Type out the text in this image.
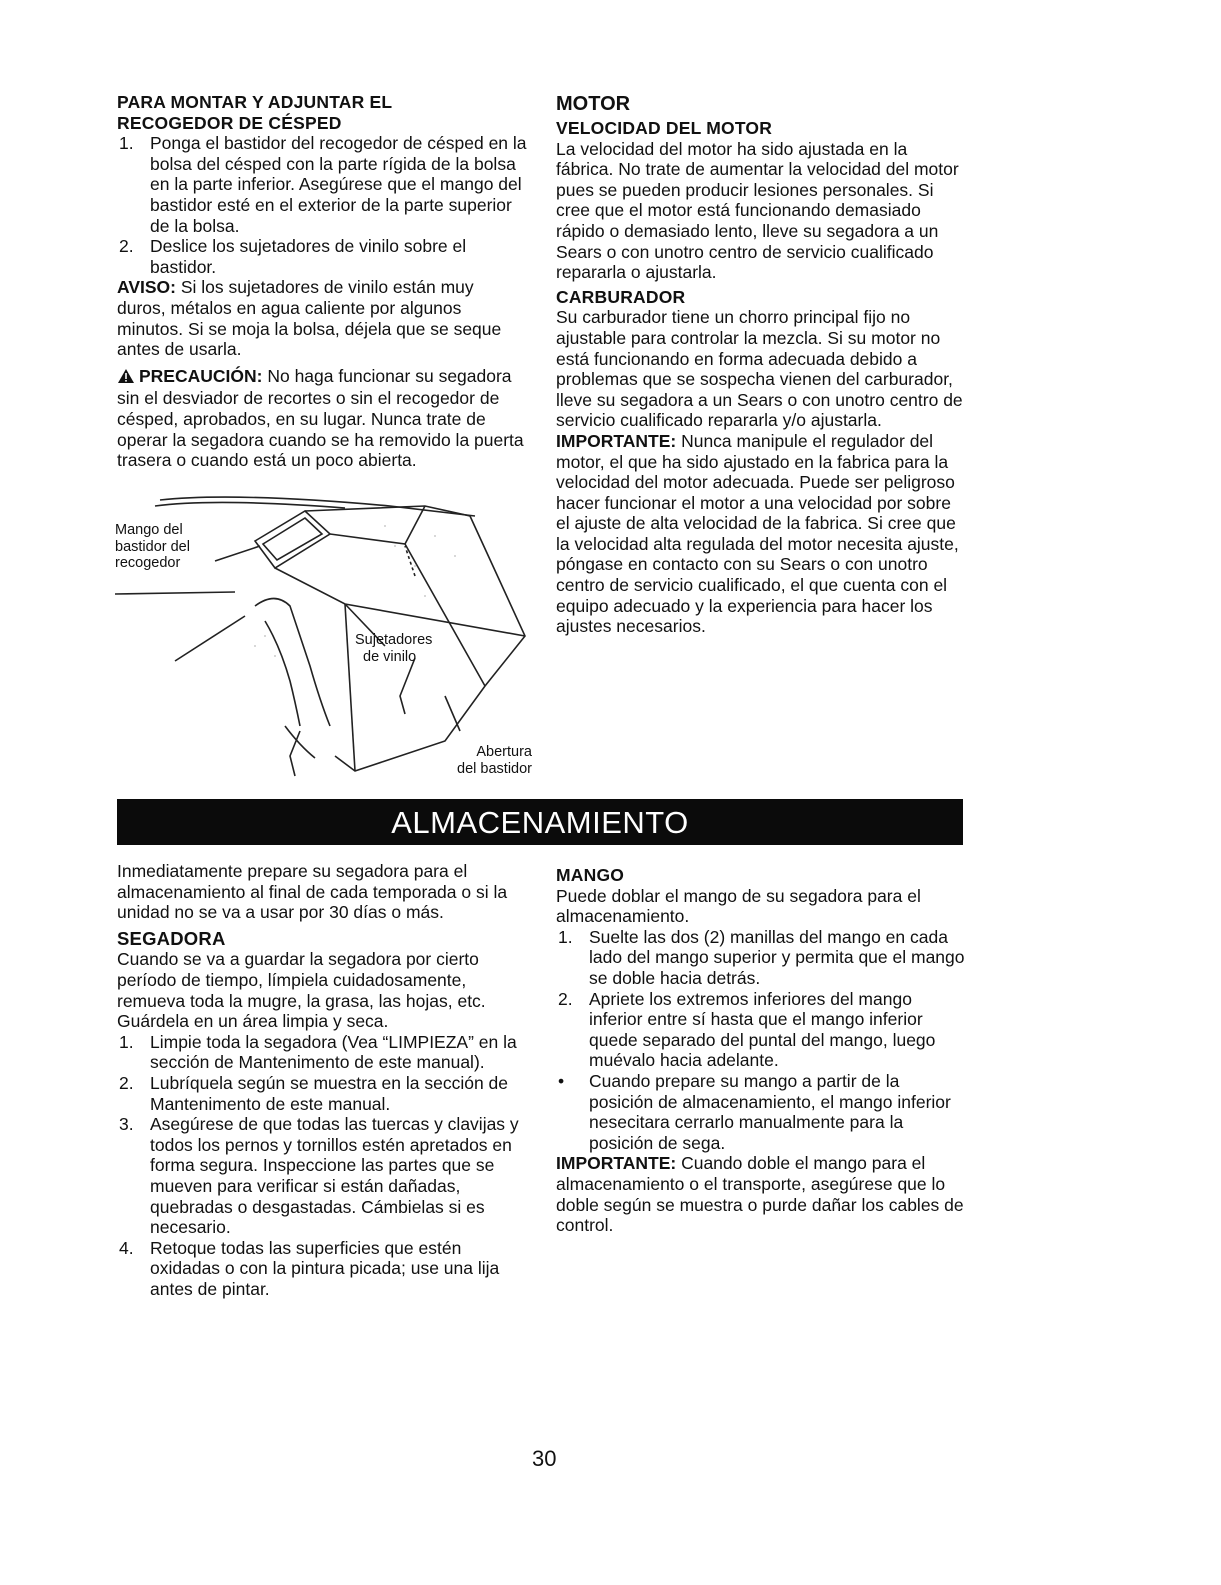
PARA MONTAR Y ADJUNTAR EL

RECOGEDOR DE CÉSPED

1. Ponga el bastidor del recogedor de césped en la bolsa del césped con la parte rígida de la bolsa en la parte inferior. Asegúrese que el mango del bastidor esté en el exterior de la parte superior de la bolsa.
2. Deslice los sujetadores de vinilo sobre el bastidor.

AVISO: Si los sujetadores de vinilo están muy duros, métalos en agua caliente por algunos minutos. Si se moja la bolsa, déjela que se seque antes de usarla.

PRECAUCIÓN: No haga funcionar su segadora sin el desviador de recortes o sin el recogedor de césped, aprobados, en su lugar. Nunca trate de operar la segadora cuando se ha removido la puerta trasera o cuando está un poco abierta.

Mango del
bastidor del
recogedor
Sujetadores
de vinilo
Abertura
del bastidor

MOTOR

VELOCIDAD DEL MOTOR

La velocidad del motor ha sido ajustada en la fábrica. No trate de aumentar la velocidad del motor pues se pueden producir lesiones personales. Si cree que el motor está funcionando demasiado rápido o demasiado lento, lleve su segadora a un Sears o con unotro centro de servicio cualificado repararla o ajustarla.

CARBURADOR

Su carburador tiene un chorro principal fijo no ajustable para controlar la mezcla. Si su motor no está funcionando en forma adecuada debido a problemas que se sospecha vienen del carburador, lleve su segadora a un Sears o con unotro centro de servicio cualificado repararla y/o ajustarla.

IMPORTANTE: Nunca manipule el regulador del motor, el que ha sido ajustado en la fabrica para la velocidad del motor adecuada. Puede ser peligroso hacer funcionar el motor a una velocidad por sobre el ajuste de alta velocidad de la fabrica. Si cree que la velocidad alta regulada del motor necesita ajuste, póngase en contacto con su Sears o con unotro centro de servicio cualificado, el que cuenta con el equipo adecuado y la experiencia para hacer los ajustes necesarios.

ALMACENAMIENTO

Inmediatamente prepare su segadora para el almacenamiento al final de cada temporada o si la unidad no se va a usar por 30 días o más.

SEGADORA

Cuando se va a guardar la segadora por cierto período de tiempo, límpiela cuidadosamente, remueva toda la mugre, la grasa, las hojas, etc. Guárdela en un área limpia y seca.

1. Limpie toda la segadora (Vea “LIMPIEZA” en la sección de Mantenimento de este manual).
2. Lubríquela según se muestra en la sección de Mantenimento de este manual.
3. Asegúrese de que todas las tuercas y clavijas y todos los pernos y tornillos estén apretados en forma segura. Inspeccione las partes que se mueven para verificar si están dañadas, quebradas o desgastadas. Cámbielas si es necesario.
4. Retoque todas las superficies que estén oxidadas o con la pintura picada; use una lija antes de pintar.

MANGO

Puede doblar el mango de su segadora para el almacenamiento.

1. Suelte las dos (2) manillas del mango en cada lado del mango superior y permita que el mango se doble hacia detrás.
2. Apriete los extremos inferiores del mango inferior entre sí hasta que el mango inferior quede separado del puntal del mango, luego muévalo hacia adelante.
• Cuando prepare su mango a partir de la posición de almacenamiento, el mango inferior nesecitara cerrarlo manualmente para la posición de sega.

IMPORTANTE: Cuando doble el mango para el almacenamiento o el transporte, asegúrese que lo doble según se muestra o purde dañar los cables de control.

30
